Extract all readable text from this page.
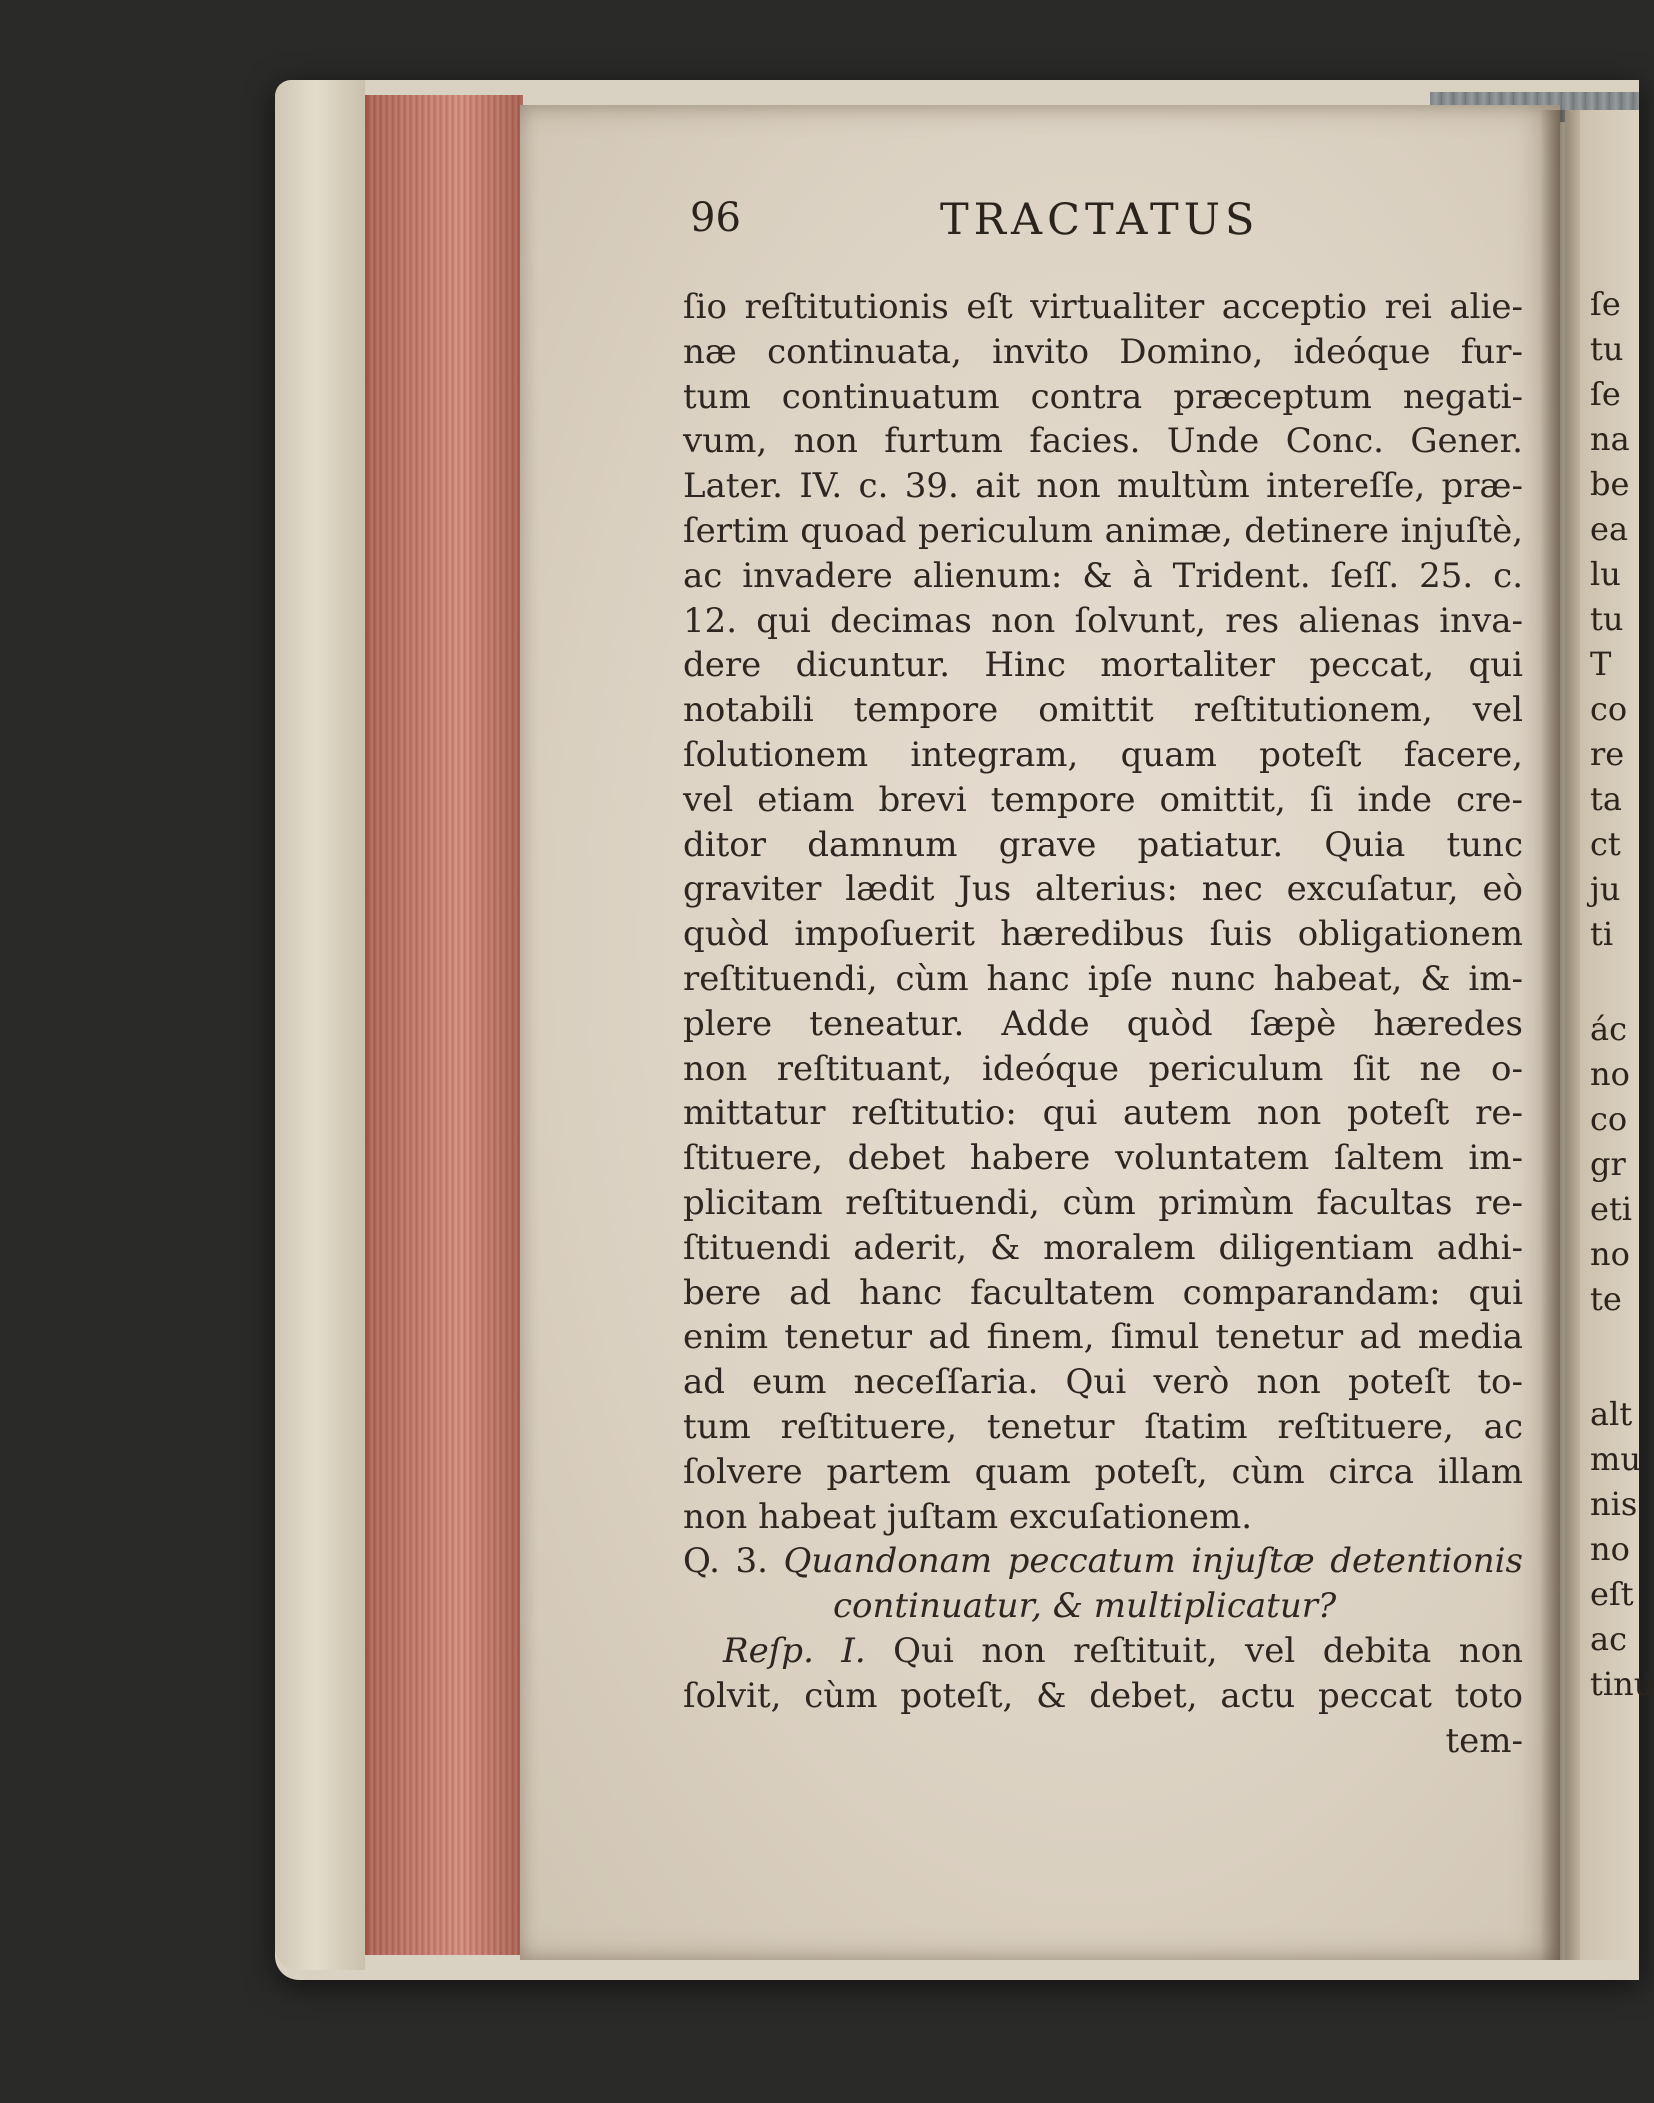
96	TRACTATUS
ſio reſtitutionis eſt virtualiter acceptio rei alie-
næ continuata, invito Domino, ideóque fur-
tum continuatum contra præceptum negati-
vum, non furtum facies. Unde Conc. Gener.
Later. IV. c. 39. ait non multùm intereſſe, præ-
ſertim quoad periculum animæ, detinere injuſtè,
ac invadere alienum: & à Trident. ſeſſ. 25. c.
12. qui decimas non ſolvunt, res alienas inva-
dere dicuntur. Hinc mortaliter peccat, qui
notabili tempore omittit reſtitutionem, vel
ſolutionem integram, quam poteſt facere,
vel etiam brevi tempore omittit, ſi inde cre-
ditor damnum grave patiatur. Quia tunc
graviter lædit Jus alterius: nec excuſatur, eò
quòd impoſuerit hæredibus ſuis obligationem
reſtituendi, cùm hanc ipſe nunc habeat, & im-
plere teneatur. Adde quòd ſæpè hæredes
non reſtituant, ideóque periculum ſit ne o-
mittatur reſtitutio: qui autem non poteſt re-
ſtituere, debet habere voluntatem ſaltem im-
plicitam reſtituendi, cùm primùm facultas re-
ſtituendi aderit, & moralem diligentiam adhi-
bere ad hanc facultatem comparandam: qui
enim tenetur ad finem, ſimul tenetur ad media
ad eum neceſſaria. Qui verò non poteſt to-
tum reſtituere, tenetur ſtatim reſtituere, ac
ſolvere partem quam poteſt, cùm circa illam
non habeat juſtam excuſationem.
Q. 3. Quandonam peccatum injuſtæ detentionis
continuatur, & multiplicatur?
Reſp. I. Qui non reſtituit, vel debita non
ſolvit, cùm poteſt, & debet, actu peccat toto
tem-
ſe
tu
ſe
na
be
ea
lu
tu
T
co
re
ta
ct
ju
ti
ác
no
co
gr
eti
no
te
alt
mu
nis
no
eſt
ac
tinu
